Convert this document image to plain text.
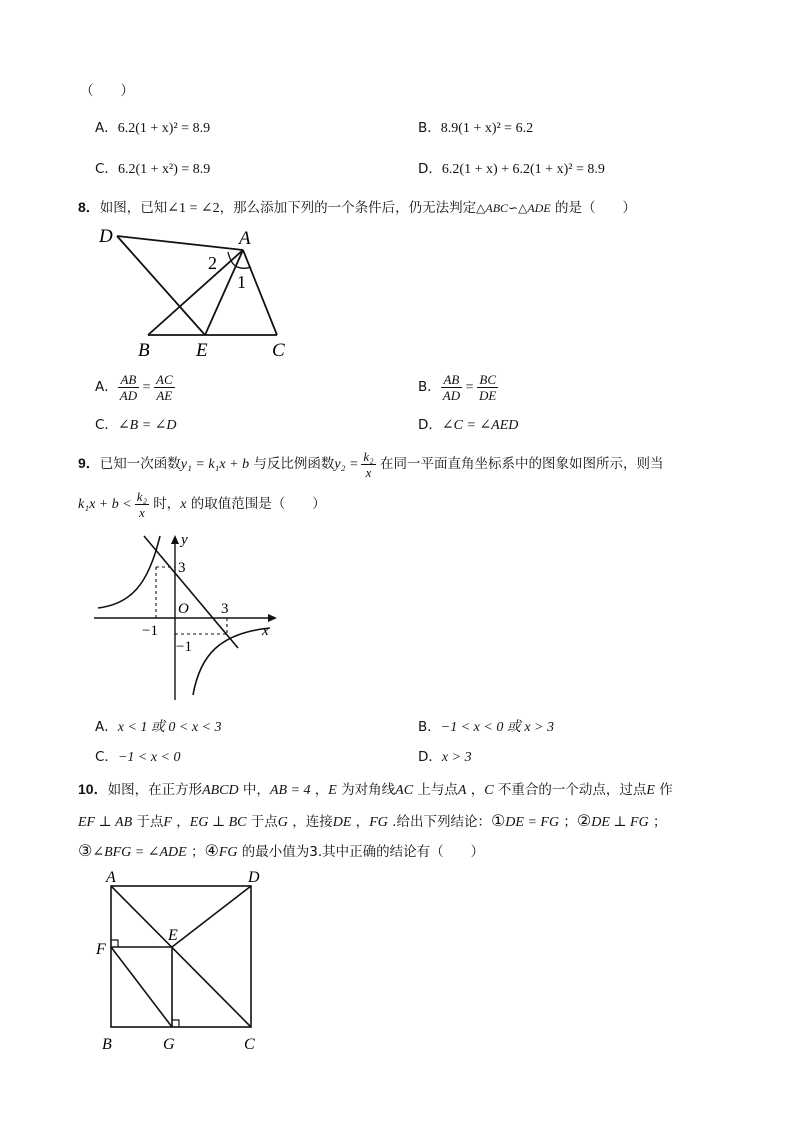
（　　）
A．6.2(1 + x)² = 8.9	B．8.9(1 + x)² = 6.2
C．6.2(1 + x²) = 8.9	D．6.2(1 + x) + 6.2(1 + x)² = 8.9
8．如图，已知∠1 = ∠2，那么添加下列的一个条件后，仍无法判定△ABC∽△ADE 的是（　　）
D	A
2
1
B E	C
A． $\frac{AB}{AD} = \frac{AC}{AE}$	B． $\frac{AB}{AD} = \frac{BC}{DE}$
C．∠B = ∠D	D．∠C = ∠AED
9．已知一次函数y₁ = k₁x + b 与反比例函数$y_2 = \frac{\text{k₂}}{x}$ 在同一平面直角坐标系中的图象如图所示，则当
$k_1x + b < \frac{\text{k₂}}{x}$ 时，x 的取值范围是（　　）
y
x
O
3
3
−1
−1
A．x < 1 或 0 < x < 3	B．−1 < x < 0 或 x > 3
C．−1 < x < 0	D．x > 3
10．如图，在正方形ABCD 中，AB = 4 ，E 为对角线AC 上与点A ，C 不重合的一个动点，过点E 作
EF ⊥ AB 于点F ，EG ⊥ BC 于点G ，连接DE ，FG .给出下列结论：①DE = FG ；②DE ⊥ FG ；
③∠BFG = ∠ADE ；④FG 的最小值为3.其中正确的结论有（　　）
A	D
E
F
B	G	C
